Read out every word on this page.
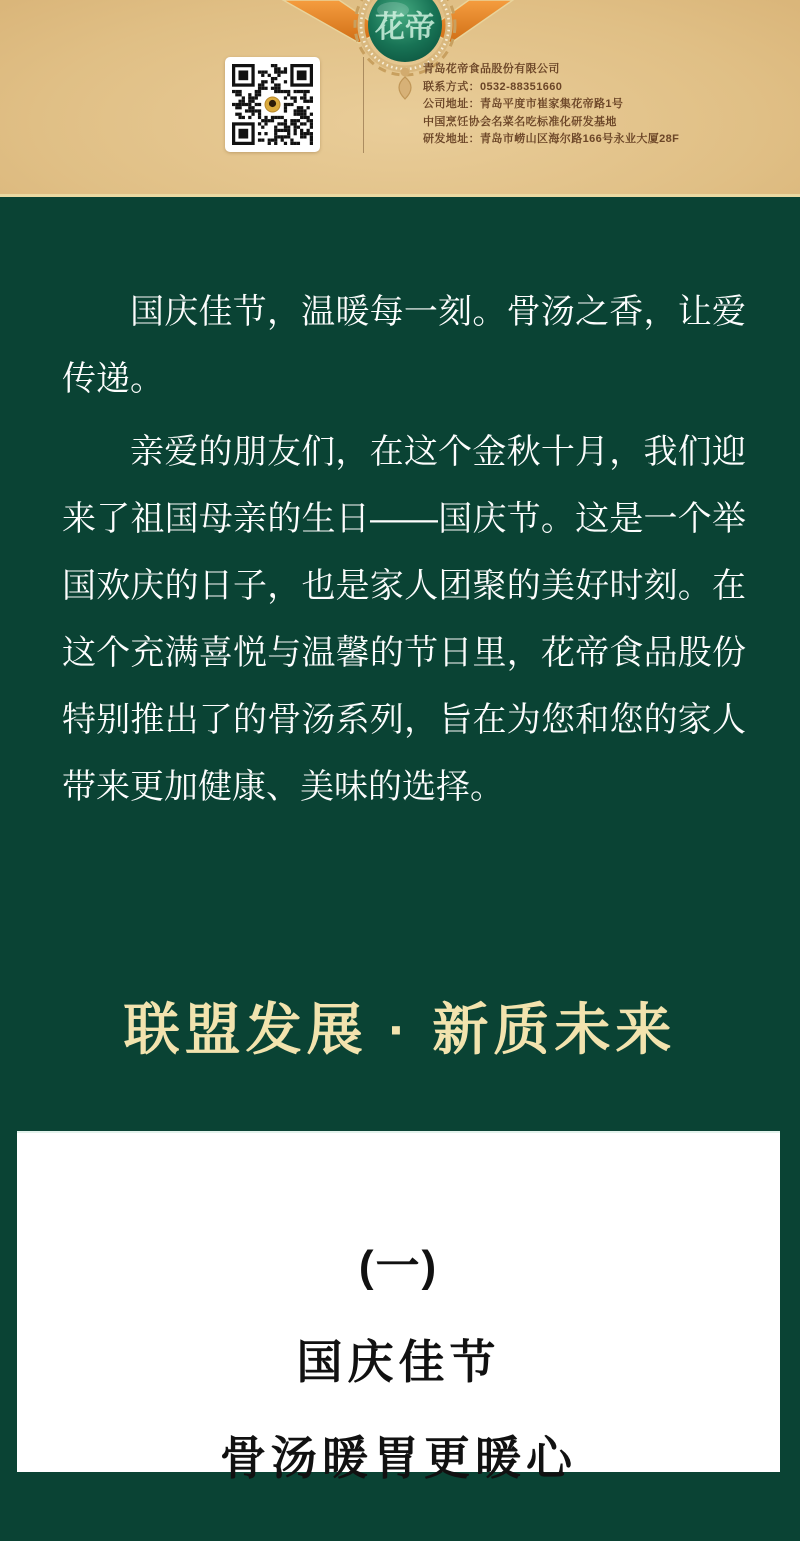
花帝
青岛花帝食品股份有限公司
联系方式：0532-88351660
公司地址：青岛平度市崔家集花帝路1号
中国烹饪协会名菜名吃标准化研发基地
研发地址：青岛市崂山区海尔路166号永业大厦28F

国庆佳节，温暖每一刻。骨汤之香，让爱传递。

亲爱的朋友们，在这个金秋十月，我们迎来了祖国母亲的生日——国庆节。这是一个举国欢庆的日子，也是家人团聚的美好时刻。在这个充满喜悦与温馨的节日里，花帝食品股份特别推出了的骨汤系列，旨在为您和您的家人带来更加健康、美味的选择。

联盟发展 · 新质未来
(一)
国庆佳节
骨汤暖胃更暖心
